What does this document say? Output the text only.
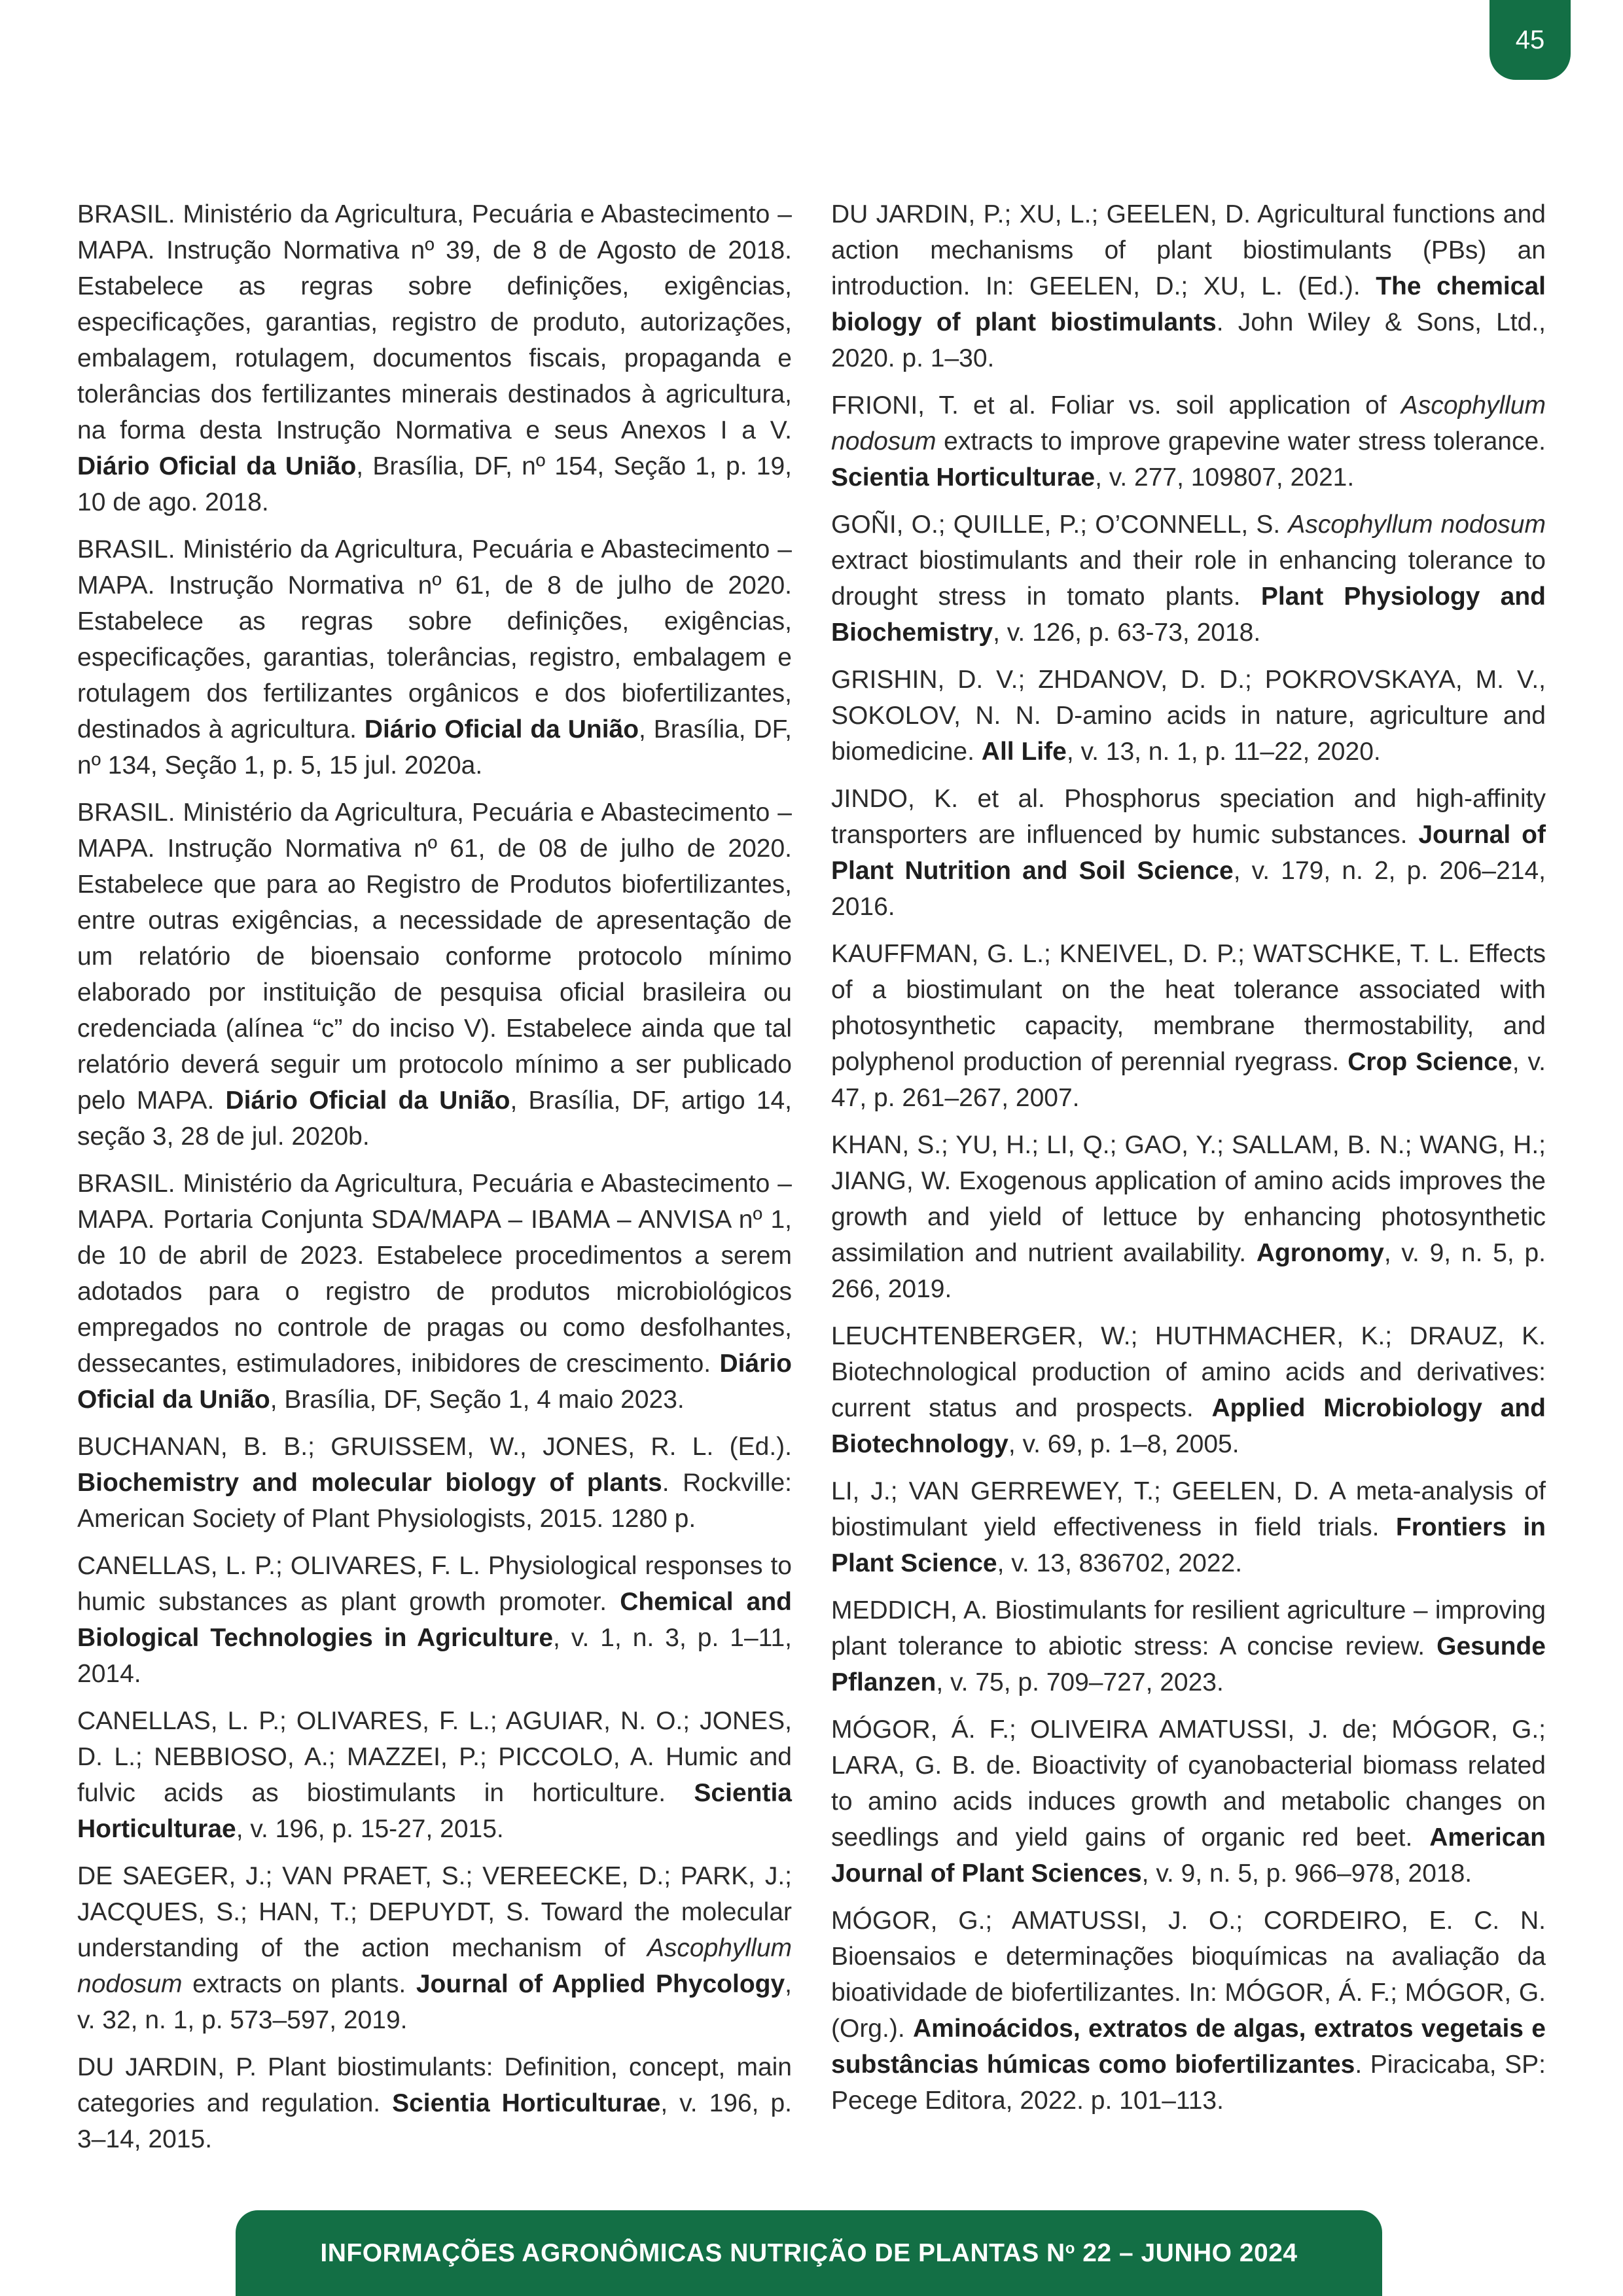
45

BRASIL. Ministério da Agricultura, Pecuária e Abastecimento – MAPA. Instrução Normativa nº 39, de 8 de Agosto de 2018. Estabelece as regras sobre definições, exigências, especificações, garantias, registro de produto, autorizações, embalagem, rotulagem, documentos fiscais, propaganda e tolerâncias dos fertilizantes minerais destinados à agricultura, na forma desta Instrução Normativa e seus Anexos I a V. Diário Oficial da União, Brasília, DF, nº 154, Seção 1, p. 19, 10 de ago. 2018.

BRASIL. Ministério da Agricultura, Pecuária e Abastecimento – MAPA. Instrução Normativa nº 61, de 8 de julho de 2020. Estabelece as regras sobre definições, exigências, especificações, garantias, tolerâncias, registro, embalagem e rotulagem dos fertilizantes orgânicos e dos biofertilizantes, destinados à agricultura. Diário Oficial da União, Brasília, DF, nº 134, Seção 1, p. 5, 15 jul. 2020a.

BRASIL. Ministério da Agricultura, Pecuária e Abastecimento – MAPA. Instrução Normativa nº 61, de 08 de julho de 2020. Estabelece que para ao Registro de Produtos biofertilizantes, entre outras exigências, a necessidade de apresentação de um relatório de bioensaio conforme protocolo mínimo elaborado por instituição de pesquisa oficial brasileira ou credenciada (alínea “c” do inciso V). Estabelece ainda que tal relatório deverá seguir um protocolo mínimo a ser publicado pelo MAPA. Diário Oficial da União, Brasília, DF, artigo 14, seção 3, 28 de jul. 2020b.

BRASIL. Ministério da Agricultura, Pecuária e Abastecimento – MAPA. Portaria Conjunta SDA/MAPA – IBAMA – ANVISA nº 1, de 10 de abril de 2023. Estabelece procedimentos a serem adotados para o registro de produtos microbiológicos empregados no controle de pragas ou como desfolhantes, dessecantes, estimuladores, inibidores de crescimento. Diário Oficial da União, Brasília, DF, Seção 1, 4 maio 2023.

BUCHANAN, B. B.; GRUISSEM, W., JONES, R. L. (Ed.). Biochemistry and molecular biology of plants. Rockville: American Society of Plant Physiologists, 2015. 1280 p.

CANELLAS, L. P.; OLIVARES, F. L. Physiological responses to humic substances as plant growth promoter. Chemical and Biological Technologies in Agriculture, v. 1, n. 3, p. 1–11, 2014.

CANELLAS, L. P.; OLIVARES, F. L.; AGUIAR, N. O.; JONES, D. L.; NEBBIOSO, A.; MAZZEI, P.; PICCOLO, A. Humic and fulvic acids as biostimulants in horticulture. Scientia Horticulturae, v. 196, p. 15-27, 2015.

DE SAEGER, J.; VAN PRAET, S.; VEREECKE, D.; PARK, J.; JACQUES, S.; HAN, T.; DEPUYDT, S. Toward the molecular understanding of the action mechanism of Ascophyllum nodosum extracts on plants. Journal of Applied Phycology, v. 32, n. 1, p. 573–597, 2019.

DU JARDIN, P. Plant biostimulants: Definition, concept, main categories and regulation. Scientia Horticulturae, v. 196, p. 3–14, 2015.

DU JARDIN, P.; XU, L.; GEELEN, D. Agricultural functions and action mechanisms of plant biostimulants (PBs) an introduction. In: GEELEN, D.; XU, L. (Ed.). The chemical biology of plant biostimulants. John Wiley & Sons, Ltd., 2020. p. 1–30.

FRIONI, T. et al. Foliar vs. soil application of Ascophyllum nodosum extracts to improve grapevine water stress tolerance. Scientia Horticulturae, v. 277, 109807, 2021.

GOÑI, O.; QUILLE, P.; O’CONNELL, S. Ascophyllum nodosum extract biostimulants and their role in enhancing tolerance to drought stress in tomato plants. Plant Physiology and Biochemistry, v. 126, p. 63-73, 2018.

GRISHIN, D. V.; ZHDANOV, D. D.; POKROVSKAYA, M. V., SOKOLOV, N. N. D-amino acids in nature, agriculture and biomedicine. All Life, v. 13, n. 1, p. 11–22, 2020.

JINDO, K. et al. Phosphorus speciation and high-affinity transporters are influenced by humic substances. Journal of Plant Nutrition and Soil Science, v. 179, n. 2, p. 206–214, 2016.

KAUFFMAN, G. L.; KNEIVEL, D. P.; WATSCHKE, T. L. Effects of a biostimulant on the heat tolerance associated with photosynthetic capacity, membrane thermostability, and polyphenol production of perennial ryegrass. Crop Science, v. 47, p. 261–267, 2007.

KHAN, S.; YU, H.; LI, Q.; GAO, Y.; SALLAM, B. N.; WANG, H.; JIANG, W. Exogenous application of amino acids improves the growth and yield of lettuce by enhancing photosynthetic assimilation and nutrient availability. Agronomy, v. 9, n. 5, p. 266, 2019.

LEUCHTENBERGER, W.; HUTHMACHER, K.; DRAUZ, K. Biotechnological production of amino acids and derivatives: current status and prospects. Applied Microbiology and Biotechnology, v. 69, p. 1–8, 2005.

LI, J.; VAN GERREWEY, T.; GEELEN, D. A meta-analysis of biostimulant yield effectiveness in field trials. Frontiers in Plant Science, v. 13, 836702, 2022.

MEDDICH, A. Biostimulants for resilient agriculture – improving plant tolerance to abiotic stress: A concise review. Gesunde Pflanzen, v. 75, p. 709–727, 2023.

MÓGOR, Á. F.; OLIVEIRA AMATUSSI, J. de; MÓGOR, G.; LARA, G. B. de. Bioactivity of cyanobacterial biomass related to amino acids induces growth and metabolic changes on seedlings and yield gains of organic red beet. American Journal of Plant Sciences, v. 9, n. 5, p. 966–978, 2018.

MÓGOR, G.; AMATUSSI, J. O.; CORDEIRO, E. C. N. Bioensaios e determinações bioquímicas na avaliação da bioatividade de biofertilizantes. In: MÓGOR, Á. F.; MÓGOR, G. (Org.). Aminoácidos, extratos de algas, extratos vegetais e substâncias húmicas como biofertilizantes. Piracicaba, SP: Pecege Editora, 2022. p. 101–113.

INFORMAÇÕES AGRONÔMICAS NUTRIÇÃO DE PLANTAS $N^o$ 22 – JUNHO 2024
